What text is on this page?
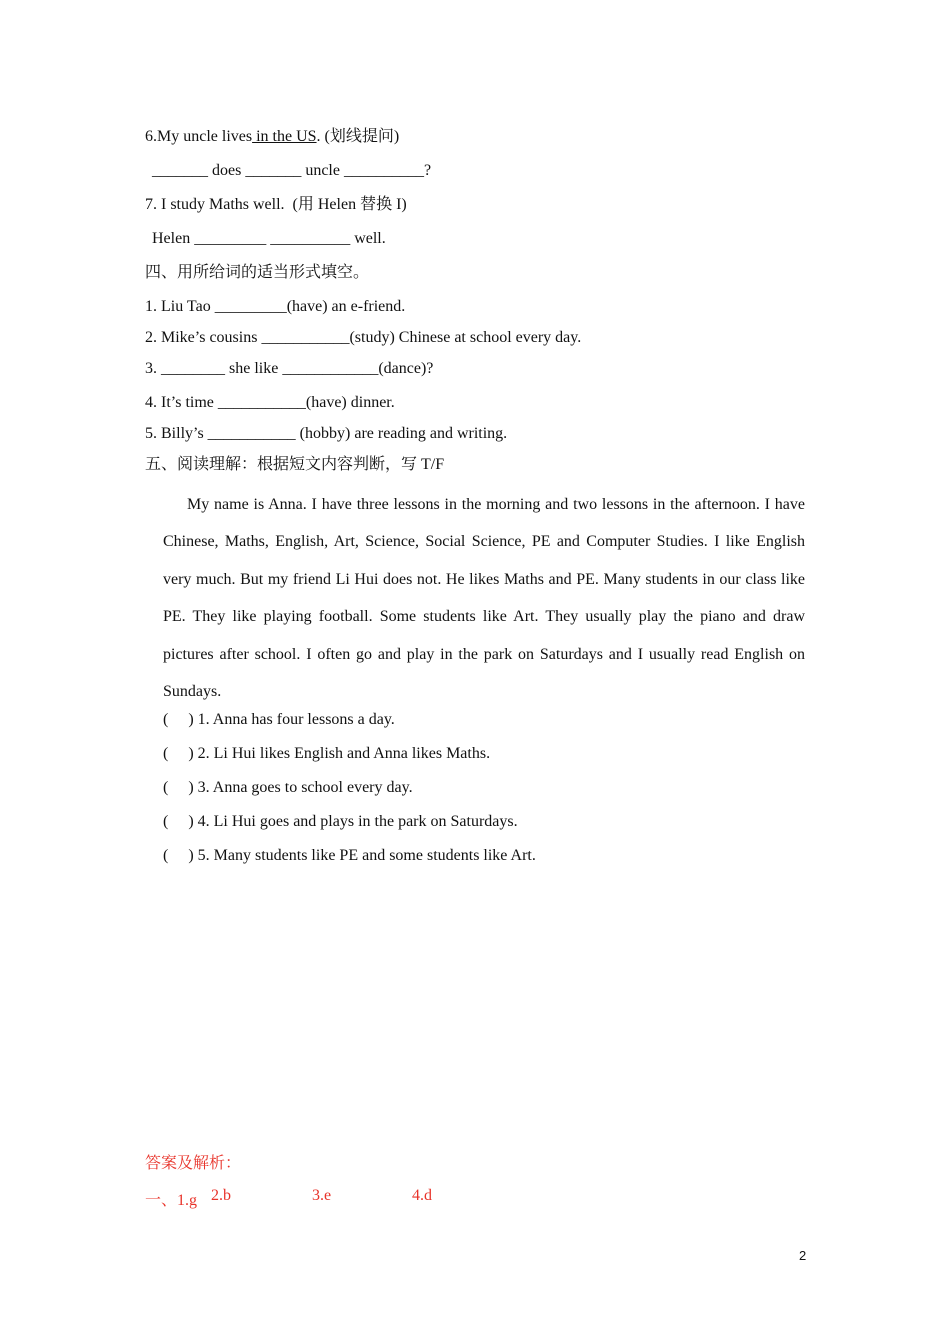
6.My uncle lives in the US. (划线提问)
_______ does _______ uncle __________?
7. I study Maths well.  (用 Helen 替换 I)
Helen _________ __________ well.
四、用所给词的适当形式填空。
1. Liu Tao _________(have) an e-friend.
2. Mike’s cousins ___________(study) Chinese at school every day.
3. ________ she like ____________(dance)?
4. It’s time ___________(have) dinner.
5. Billy’s ___________ (hobby) are reading and writing.
五、阅读理解：根据短文内容判断，写 T/F
My name is Anna. I have three lessons in the morning and two lessons in the afternoon. I have Chinese, Maths, English, Art, Science, Social Science, PE and Computer Studies. I like English very much. But my friend Li Hui does not. He likes Maths and PE. Many students in our class like PE. They like playing football. Some students like Art. They usually play the piano and draw pictures after school. I often go and play in the park on Saturdays and I usually read English on Sundays.
(     ) 1. Anna has four lessons a day.
(     ) 2. Li Hui likes English and Anna likes Maths.
(     ) 3. Anna goes to school every day.
(     ) 4. Li Hui goes and plays in the park on Saturdays.
(     ) 5. Many students like PE and some students like Art.
答案及解析：
一、1.g 2.b	3.e	4.d
2
